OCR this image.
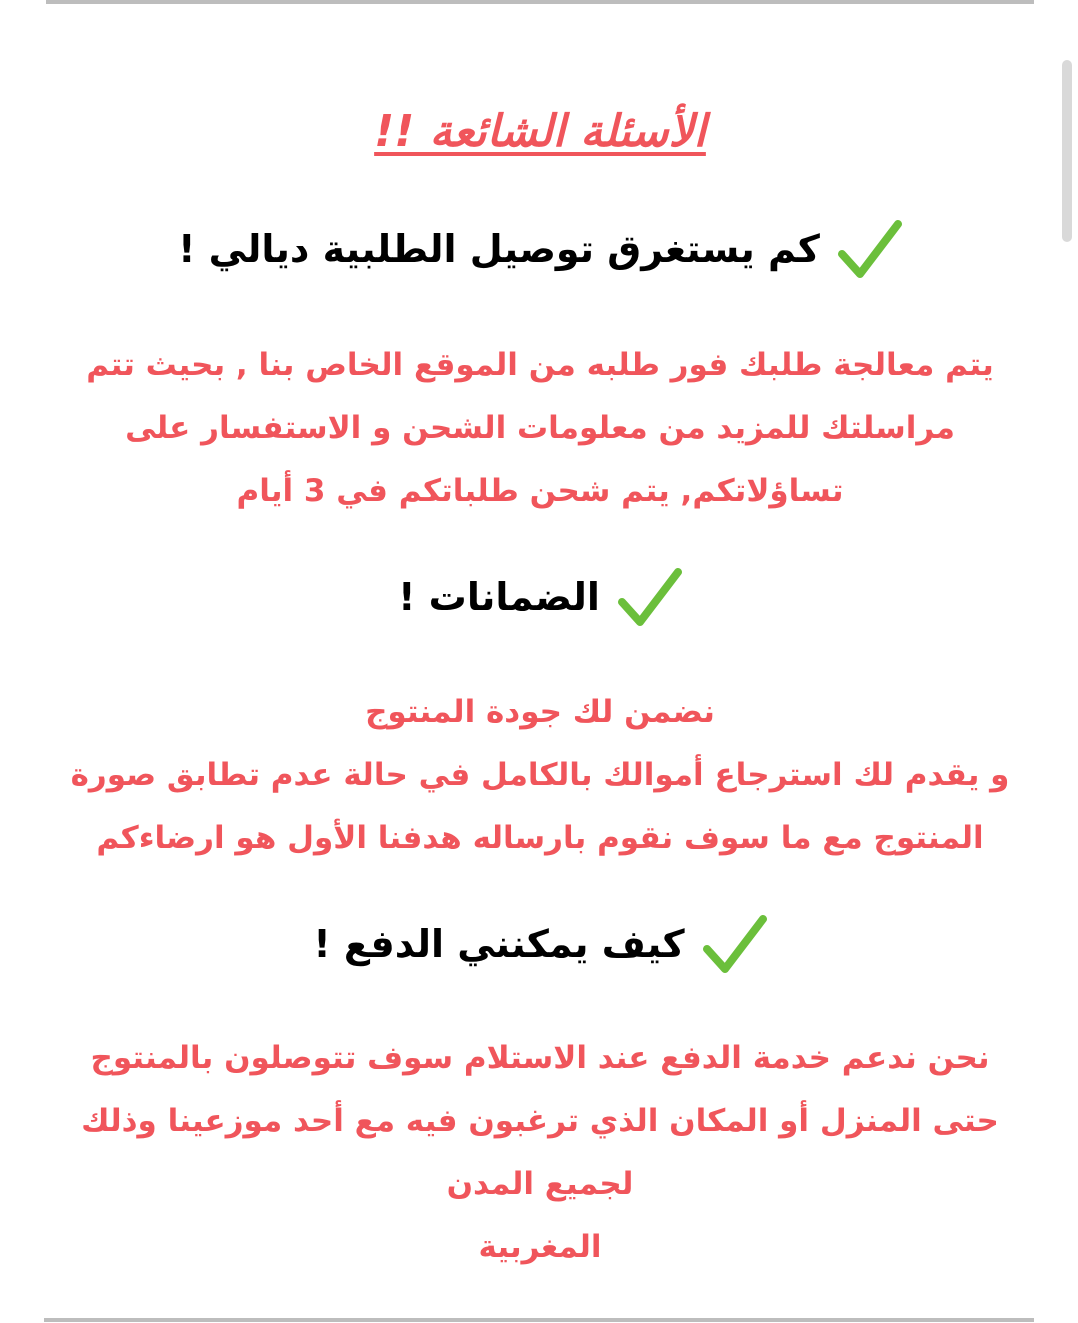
الأسئلة الشائعة !!
كم يستغرق توصيل الطلبية ديالي !
يتم معالجة طلبك فور طلبه من الموقع الخاص بنا , بحيث تتم
مراسلتك للمزيد من معلومات الشحن و الاستفسار على
تساؤلاتكم, يتم شحن طلباتكم في 3 أيام
الضمانات !
نضمن لك جودة المنتوج
و يقدم لك استرجاع أموالك بالكامل في حالة عدم تطابق صورة
المنتوج مع ما سوف نقوم بارساله هدفنا الأول هو ارضاءكم
كيف يمكنني الدفع !
نحن ندعم خدمة الدفع عند الاستلام سوف تتوصلون بالمنتوج
حتى المنزل أو المكان الذي ترغبون فيه مع أحد موزعينا وذلك
لجميع المدن
المغربية
